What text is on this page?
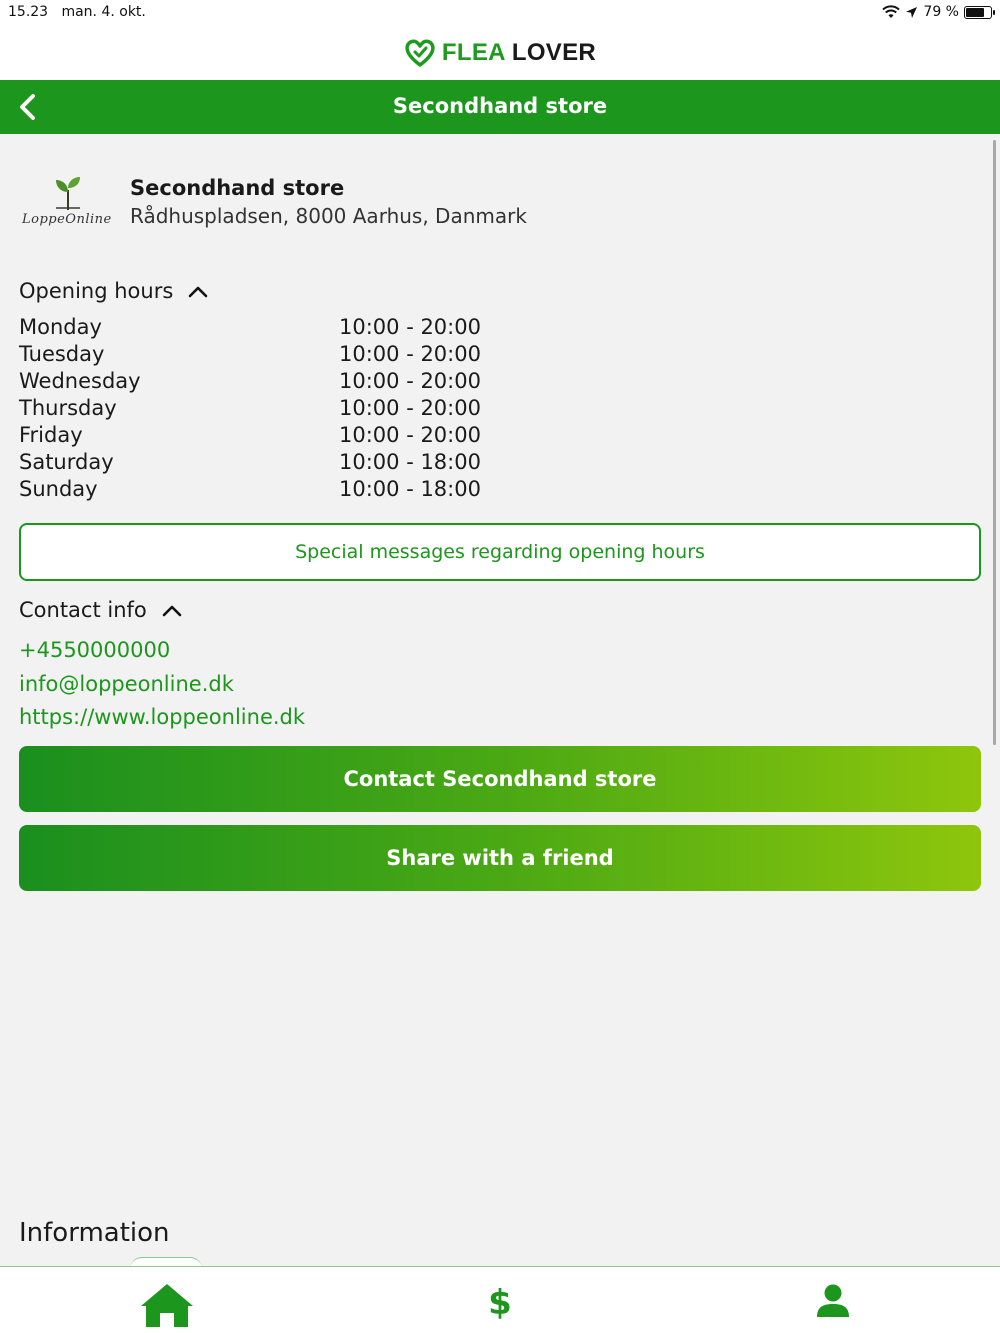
15.23 man. 4. okt.	79 %
FLEA LOVER
Secondhand store
LoppeOnline
Secondhand store
Rådhuspladsen, 8000 Aarhus, Danmark
Opening hours
Monday	10:00 - 20:00
Tuesday	10:00 - 20:00
Wednesday	10:00 - 20:00
Thursday	10:00 - 20:00
Friday	10:00 - 20:00
Saturday	10:00 - 18:00
Sunday	10:00 - 18:00
Special messages regarding opening hours
Contact info
+4550000000
info@loppeonline.dk
https://www.loppeonline.dk
Contact Secondhand store
Share with a friend
Information
$
